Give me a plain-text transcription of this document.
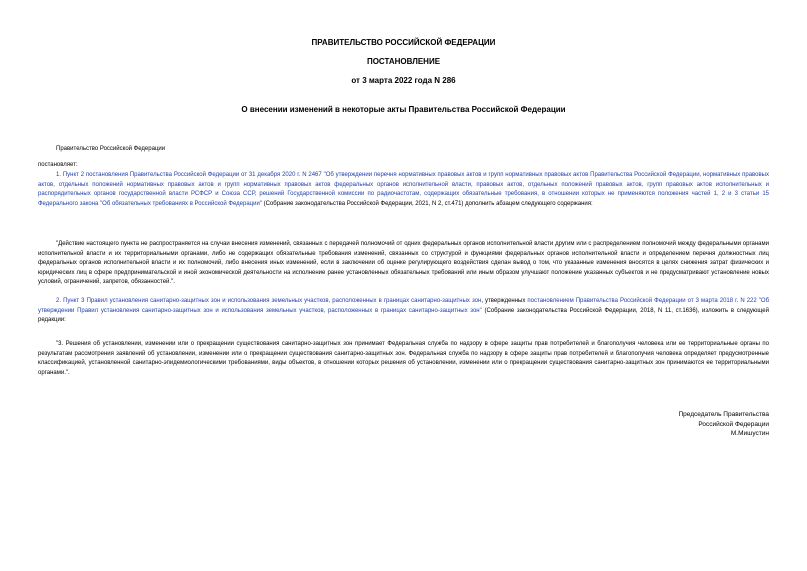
ПРАВИТЕЛЬСТВО РОССИЙСКОЙ ФЕДЕРАЦИИ
ПОСТАНОВЛЕНИЕ
от 3 марта 2022 года N 286
О внесении изменений в некоторые акты Правительства Российской Федерации

Правительство Российской Федерации

постановляет:

1. Пункт 2 постановления Правительства Российской Федерации от 31 декабря 2020 г. N 2467 "Об утверждении перечня нормативных правовых актов и групп нормативных правовых актов Правительства Российской Федерации, нормативных правовых актов, отдельных положений нормативных правовых актов и групп нормативных правовых актов федеральных органов исполнительной власти, правовых актов, отдельных положений правовых актов, групп правовых актов исполнительных и распорядительных органов государственной власти РСФСР и Союза ССР, решений Государственной комиссии по радиочастотам, содержащих обязательные требования, в отношении которых не применяются положения частей 1, 2 и 3 статьи 15 Федерального закона "Об обязательных требованиях в Российской Федерации" (Собрание законодательства Российской Федерации, 2021, N 2, ст.471) дополнить абзацем следующего содержания:

"Действие настоящего пункта не распространяется на случаи внесения изменений, связанных с передачей полномочий от одних федеральных органов исполнительной власти другим или с распределением полномочий между федеральными органами исполнительной власти и их территориальными органами, либо не содержащих обязательные требования изменений, связанных со структурой и функциями федеральных органов исполнительной власти и определением перечня должностных лиц федеральных органов исполнительной власти и их полномочий, либо внесения иных изменений, если в заключении об оценке регулирующего воздействия сделан вывод о том, что указанные изменения вносятся в целях снижения затрат физических и юридических лиц в сфере предпринимательской и иной экономической деятельности на исполнение ранее установленных обязательных требований или иным образом улучшают положение указанных субъектов и не предусматривают установление новых условий, ограничений, запретов, обязанностей.".

2. Пункт 3 Правил установления санитарно-защитных зон и использования земельных участков, расположенных в границах санитарно-защитных зон, утвержденных постановлением Правительства Российской Федерации от 3 марта 2018 г. N 222 "Об утверждении Правил установления санитарно-защитных зон и использования земельных участков, расположенных в границах санитарно-защитных зон" (Собрание законодательства Российской Федерации, 2018, N 11, ст.1636), изложить в следующей редакции:

"3. Решения об установлении, изменении или о прекращении существования санитарно-защитных зон принимает Федеральная служба по надзору в сфере защиты прав потребителей и благополучия человека или ее территориальные органы по результатам рассмотрения заявлений об установлении, изменении или о прекращении существования санитарно-защитных зон. Федеральная служба по надзору в сфере защиты прав потребителей и благополучия человека определяет предусмотренные классификацией, установленной санитарно-эпидемиологическими требованиями, виды объектов, в отношении которых решения об установлении, изменении или о прекращении существования санитарно-защитных зон принимаются ее территориальными органами.".

Председатель Правительства
Российской Федерации
М.Мишустин
